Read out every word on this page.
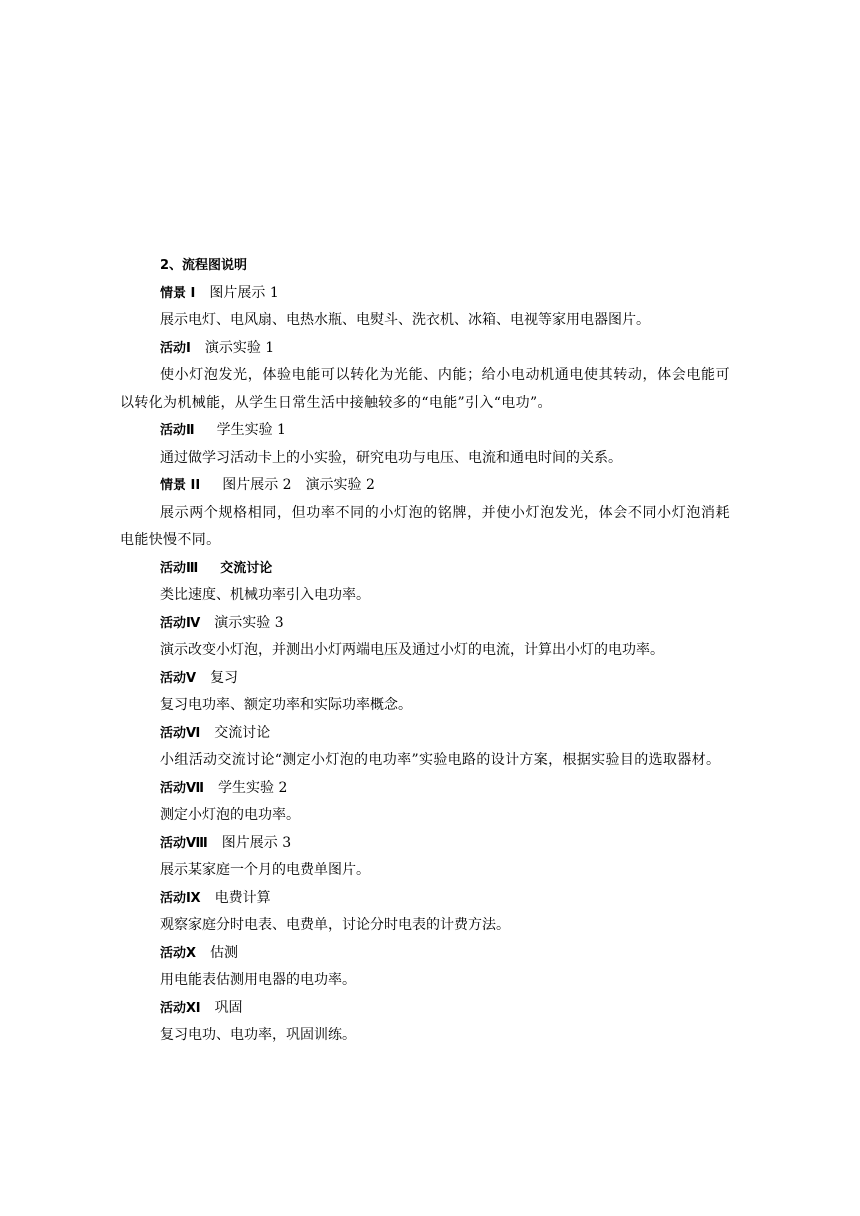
2、流程图说明
情景 I 图片展示 1
展示电灯、电风扇、电热水瓶、电熨斗、洗衣机、冰箱、电视等家用电器图片。
活动Ⅰ 演示实验 1
使小灯泡发光，体验电能可以转化为光能、内能；给小电动机通电使其转动，体会电能可以转化为机械能，从学生日常生活中接触较多的“电能”引入“电功”。
活动Ⅱ 学生实验 1
通过做学习活动卡上的小实验，研究电功与电压、电流和通电时间的关系。
情景 II 图片展示 2 演示实验 2
展示两个规格相同，但功率不同的小灯泡的铭牌，并使小灯泡发光，体会不同小灯泡消耗电能快慢不同。
活动Ⅲ 交流讨论
类比速度、机械功率引入电功率。
活动Ⅳ 演示实验 3
演示改变小灯泡，并测出小灯两端电压及通过小灯的电流，计算出小灯的电功率。
活动Ⅴ 复习
复习电功率、额定功率和实际功率概念。
活动Ⅵ 交流讨论
小组活动交流讨论“测定小灯泡的电功率”实验电路的设计方案，根据实验目的选取器材。
活动Ⅶ 学生实验 2
测定小灯泡的电功率。
活动Ⅷ 图片展示 3
展示某家庭一个月的电费单图片。
活动Ⅸ 电费计算
观察家庭分时电表、电费单，讨论分时电表的计费方法。
活动Ⅹ 估测
用电能表估测用电器的电功率。
活动Ⅺ 巩固
复习电功、电功率，巩固训练。
